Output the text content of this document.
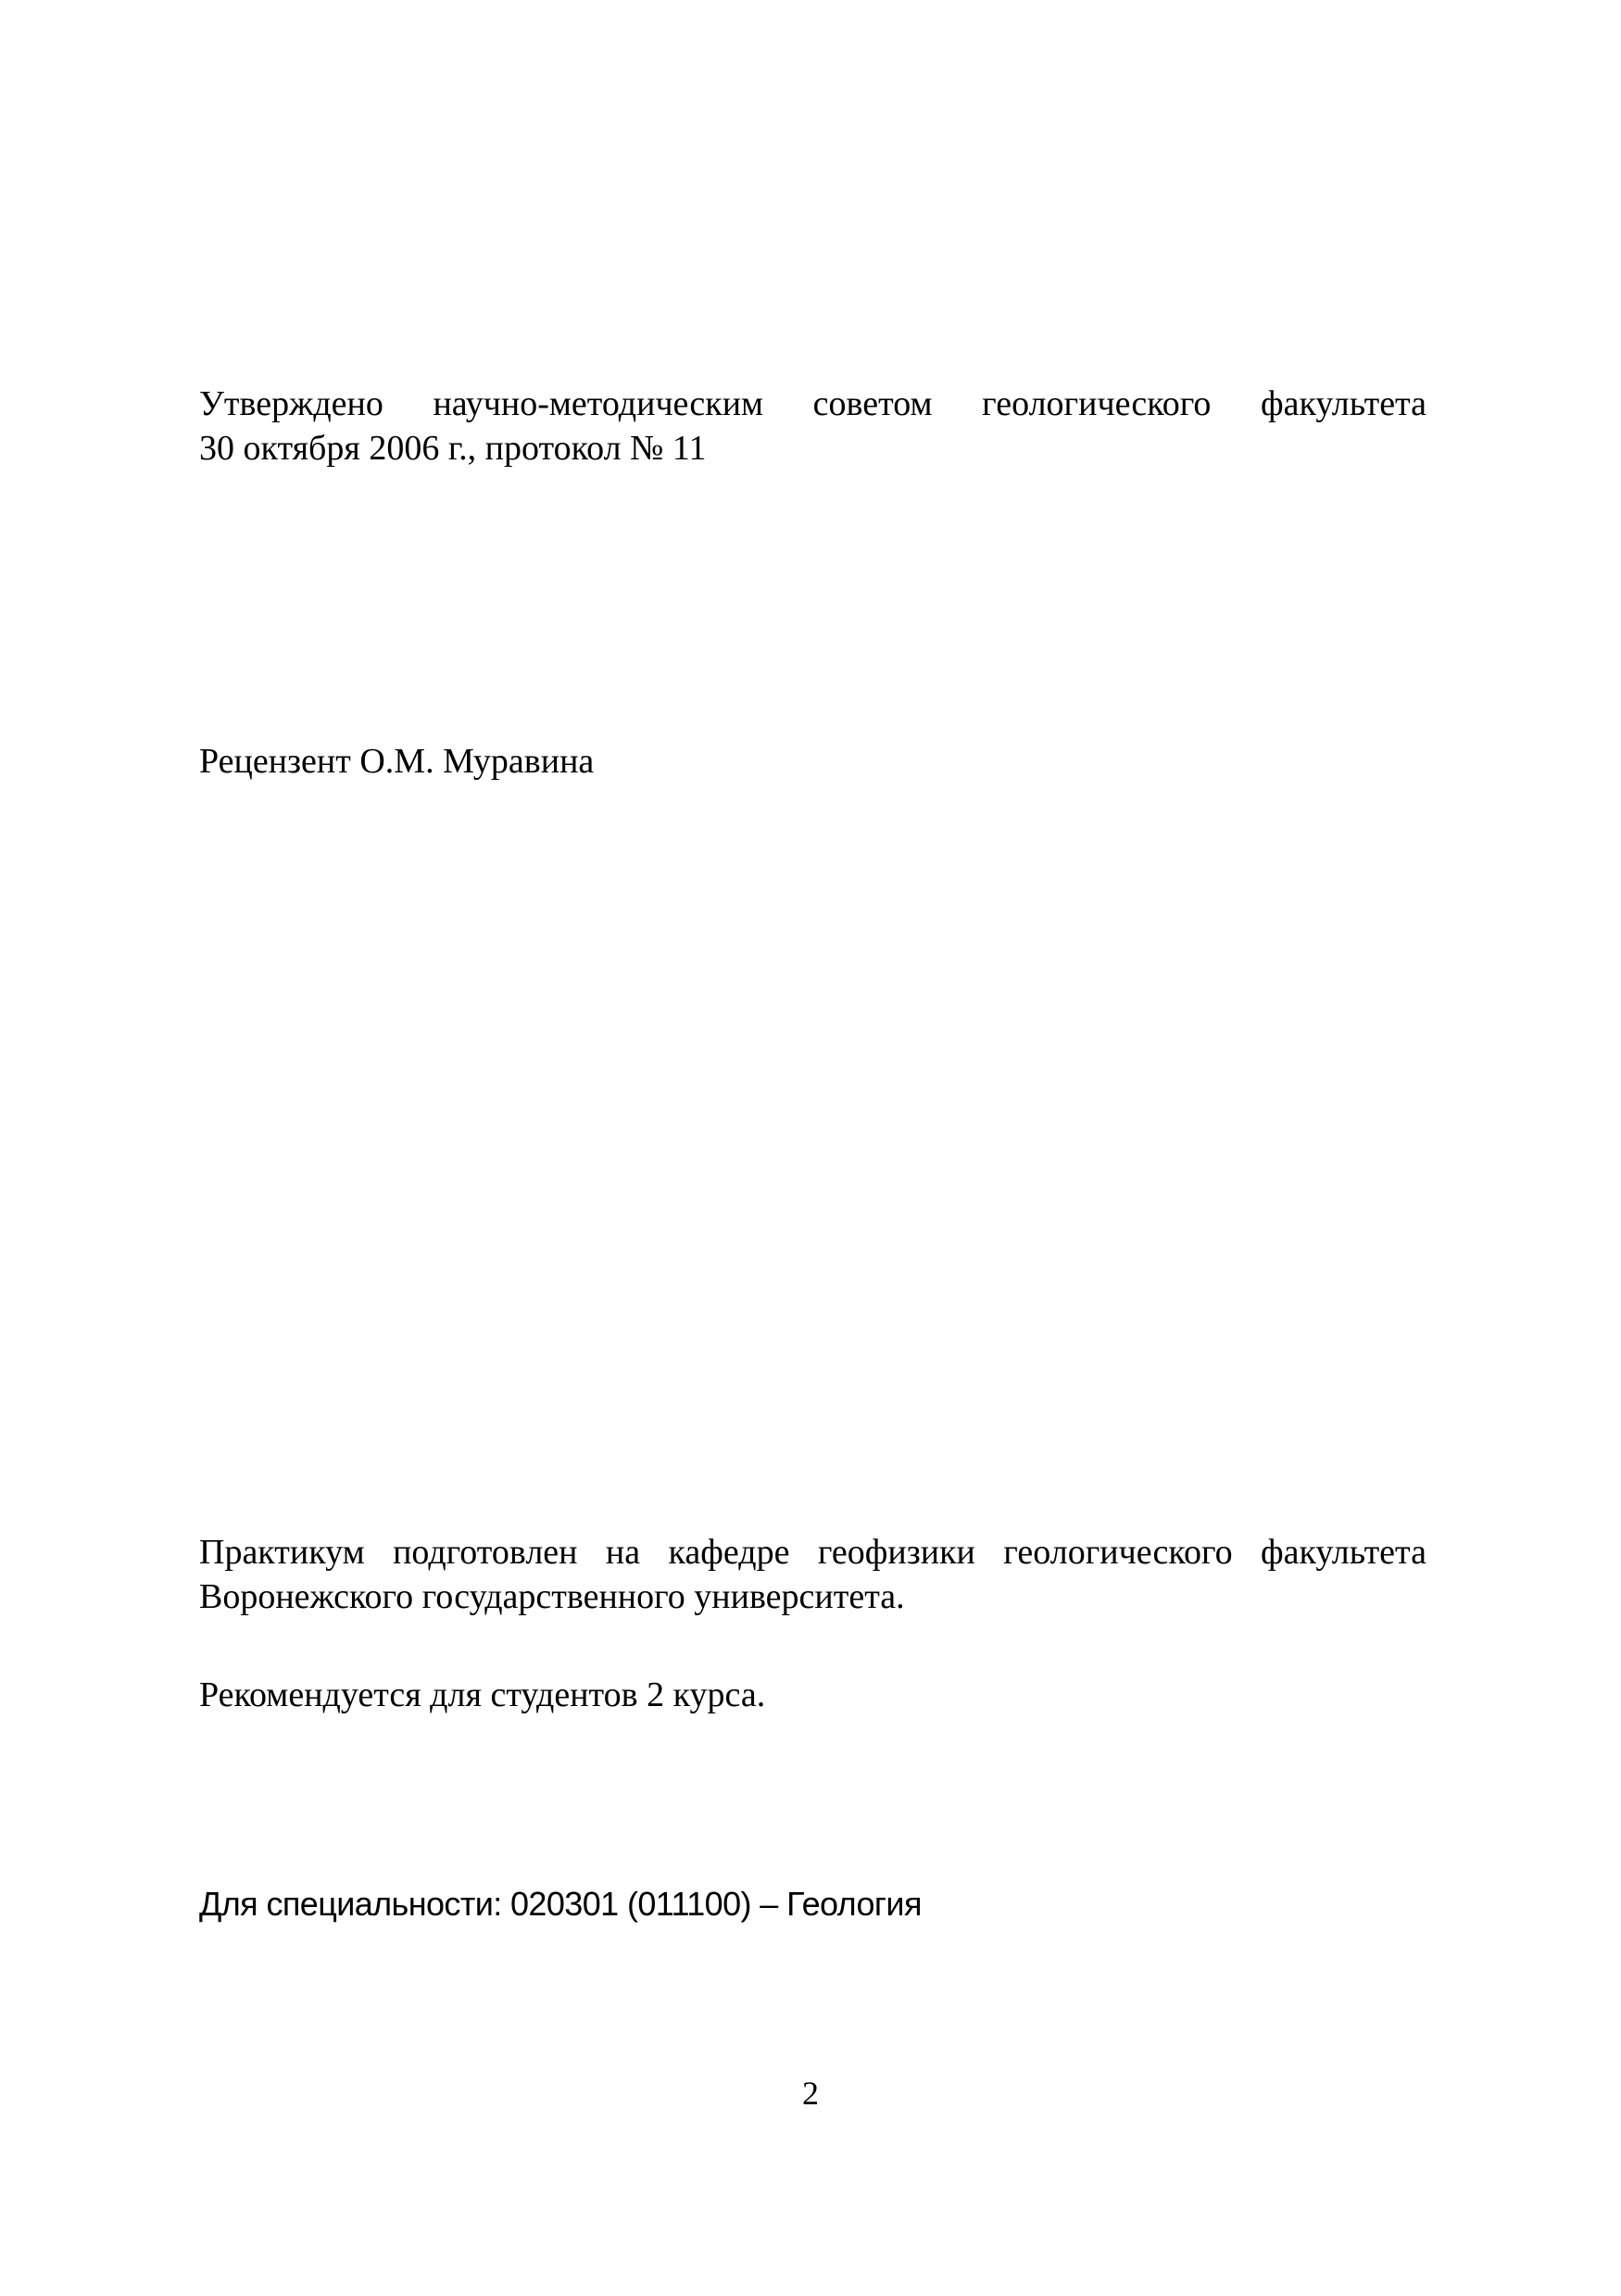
Утверждено научно-методическим советом геологического факультета
30 октября 2006 г., протокол № 11
Рецензент О.М. Муравина
Практикум подготовлен на кафедре геофизики геологического факультета
Воронежского государственного университета.
Рекомендуется для студентов 2 курса.
Для специальности: 020301 (011100) – Геология
2
